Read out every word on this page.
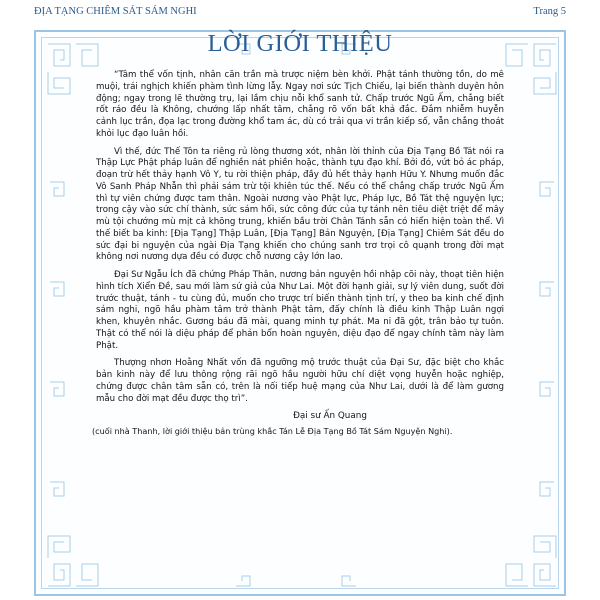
ĐỊA TẠNG CHIÊM SÁT SÁM NGHI	Trang 5
LỜI GIỚI THIỆU

“Tâm thể vốn tịnh, nhân căn trần mà trược niệm bèn khởi. Phật tánh thường tồn, do mê muội, trái nghịch khiến phàm tình lừng lẫy. Ngay nơi sức Tịch Chiếu, lại biến thành duyên hôn động; ngay trong lẽ thường trụ, lại lầm chịu nỗi khổ sanh tử. Chấp trước Ngũ Ấm, chẳng biết rốt ráo đều là Không, chướng lấp nhất tâm, chẳng rõ vốn bất khả đắc. Đắm nhiễm huyễn cảnh lục trần, đọa lạc trong đường khổ tam ác, dù có trải qua vi trần kiếp số, vẫn chẳng thoát khỏi lục đạo luân hồi.

Vì thế, đức Thế Tôn ta riêng rủ lòng thương xót, nhân lời thỉnh của Địa Tạng Bồ Tát nói ra Thập Lực Phật pháp luân để nghiền nát phiền hoặc, thành tựu đạo khí. Bởi đó, vứt bỏ ác pháp, đoạn trừ hết thảy hạnh Vô Y, tu rời thiện pháp, đầy đủ hết thảy hạnh Hữu Y. Nhưng muốn đắc Vô Sanh Pháp Nhẫn thì phải sám trừ tội khiên túc thế. Nếu có thể chẳng chấp trước Ngũ Ấm thì tự viên chứng được tam thân. Ngoài nương vào Phật lực, Pháp lực, Bồ Tát thệ nguyện lực; trong cậy vào sức chí thành, sức sám hối, sức công đức của tự tánh nên tiêu diệt triệt để mây mù tội chướng mù mịt cả khōng trung, khiến bầu trời Chân Tánh sẵn có hiển hiện toàn thể. Vì thế biết ba kinh: [Địa Tạng] Thập Luân, [Địa Tạng] Bản Nguyện, [Địa Tạng] Chiêm Sát đều do sức đại bi nguyện của ngài Địa Tạng khiến cho chúng sanh trơ trọi cô quạnh trong đời mạt không nơi nương dựa đều có được chỗ nương cậy lớn lao.

Đại Sư Ngẫu Ích đã chứng Pháp Thân, nương bản nguyện hồi nhập cõi này, thoạt tiên hiện hình tích Xiển Đề, sau mới làm sứ giả của Như Lai. Một đời hạnh giải, sự lý viên dung, suốt đời trước thuật, tánh - tu cùng đủ, muốn cho trược trí biến thành tịnh trí, y theo ba kinh chế định sám nghi, ngõ hầu phàm tâm trở thành Phật tâm, đấy chính là điều kinh Thập Luân ngợi khen, khuyên nhắc. Gương báu đã mài, quang minh tự phát. Ma ni đã gột, trân bảo tự tuôn. Thật có thể nói là diệu pháp để phản bổn hoàn nguyên, diệu đạo để ngay chính tâm này làm Phật.

Thượng nhơn Hoằng Nhất vốn đã ngưỡng mộ trước thuật của Đại Sư, đặc biệt cho khắc bản kinh này để lưu thông rộng rãi ngõ hầu người hữu chí diệt vọng huyễn hoặc nghiệp, chứng được chân tâm sẵn có, trên là nối tiếp huệ mạng của Như Lai, dưới là để làm gương mẫu cho đời mạt đều được thọ trì”.

Đại sư Ấn Quang
(cuối nhà Thanh, lời giới thiệu bản trùng khắc Tán Lễ Địa Tạng Bồ Tát Sám Nguyện Nghi).
